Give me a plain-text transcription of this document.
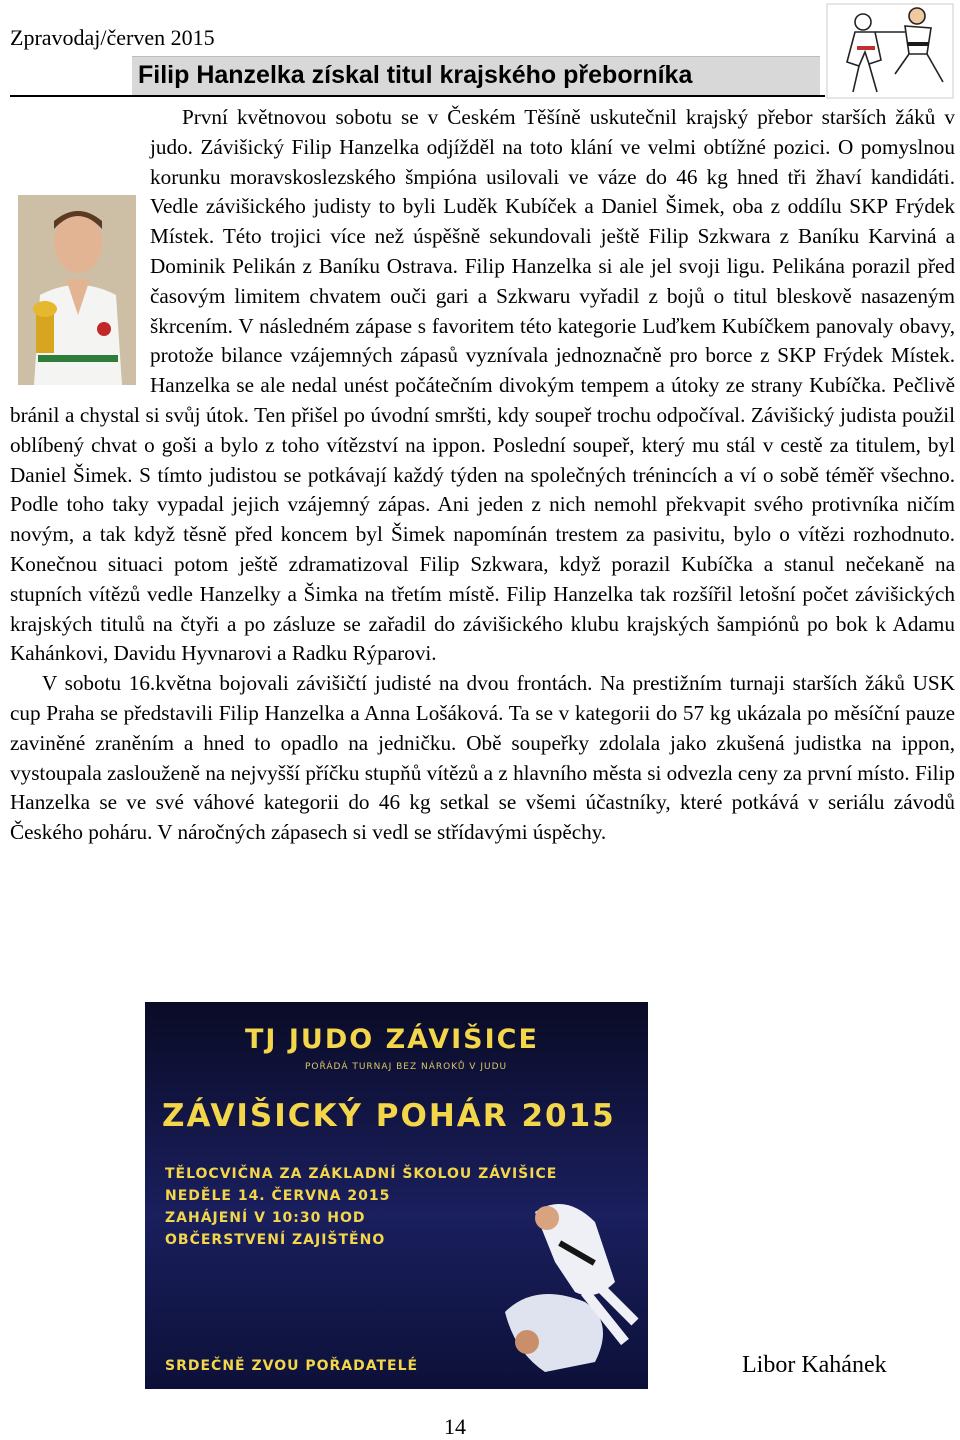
Zpravodaj/červen 2015
Filip Hanzelka získal titul krajského přeborníka

První květnovou sobotu se v Českém Těšíně uskutečnil krajský přebor starších žáků v judo. Závišický Filip Hanzelka odjížděl na toto klání ve velmi obtížné pozici. O pomyslnou korunku moravskoslezského šmpióna usilovali ve váze do 46 kg hned tři žhaví kandidáti. Vedle závišického judisty to byli Luděk Kubíček a Daniel Šimek, oba z oddílu SKP Frýdek Místek. Této trojici více než úspěšně sekundovali ještě Filip Szkwara z Baníku Karviná a Dominik Pelikán z Baníku Ostrava. Filip Hanzelka si ale jel svoji ligu. Pelikána porazil před časovým limitem chvatem ouči gari a Szkwaru vyřadil z bojů o titul bleskově nasazeným škrcením. V následném zápase s favoritem této kategorie Luďkem Kubíčkem panovaly obavy, protože bilance vzájemných zápasů vyznívala jednoznačně pro borce z SKP Frýdek Místek. Hanzelka se ale nedal unést počátečním divokým tempem a útoky ze strany Kubíčka. Pečlivě bránil a chystal si svůj útok. Ten přišel po úvodní smršti, kdy soupeř trochu odpočíval. Závišický judista použil oblíbený chvat o goši a bylo z toho vítězství na ippon. Poslední soupeř, který mu stál v cestě za titulem, byl Daniel Šimek. S tímto judistou se potkávají každý týden na společných trénincích a ví o sobě téměř všechno. Podle toho taky vypadal jejich vzájemný zápas. Ani jeden z nich nemohl překvapit svého protivníka ničím novým, a tak když těsně před koncem byl Šimek napomínán trestem za pasivitu, bylo o vítězi rozhodnuto. Konečnou situaci potom ještě zdramatizoval Filip Szkwara, když porazil Kubíčka a stanul nečekaně na stupních vítězů vedle Hanzelky a Šimka na třetím místě. Filip Hanzelka tak rozšířil letošní počet závišických krajských titulů na čtyři a po zásluze se zařadil do závišického klubu krajských šampiónů po bok k Adamu Kahánkovi, Davidu Hyvnarovi a Radku Rýparovi.

V sobotu 16.května bojovali závišičtí judisté na dvou frontách. Na prestižním turnaji starších žáků USK cup Praha se představili Filip Hanzelka a Anna Lošáková. Ta se v kategorii do 57 kg ukázala po měsíční pauze zaviněné zraněním a hned to opadlo na jedničku. Obě soupeřky zdolala jako zkušená judistka na ippon, vystoupala zaslouženě na nejvyšší příčku stupňů vítězů a z hlavního města si odvezla ceny za první místo. Filip Hanzelka se ve své váhové kategorii do 46 kg setkal se všemi účastníky, které potkává v seriálu závodů Českého poháru. V náročných zápasech si vedl se střídavými úspěchy.

TJ JUDO ZÁVIŠICE
POŘÁDÁ TURNAJ BEZ NÁROKŮ V JUDU
ZÁVIŠICKÝ POHÁR 2015
TĚLOCVIČNA ZA ZÁKLADNÍ ŠKOLOU ZÁVIŠICE
NEDĚLE 14. ČERVNA 2015
ZAHÁJENÍ V 10:30 HOD
OBČERSTVENÍ ZAJIŠTĚNO
SRDEČNĚ ZVOU POŘADATELÉ	Libor Kahánek
14
